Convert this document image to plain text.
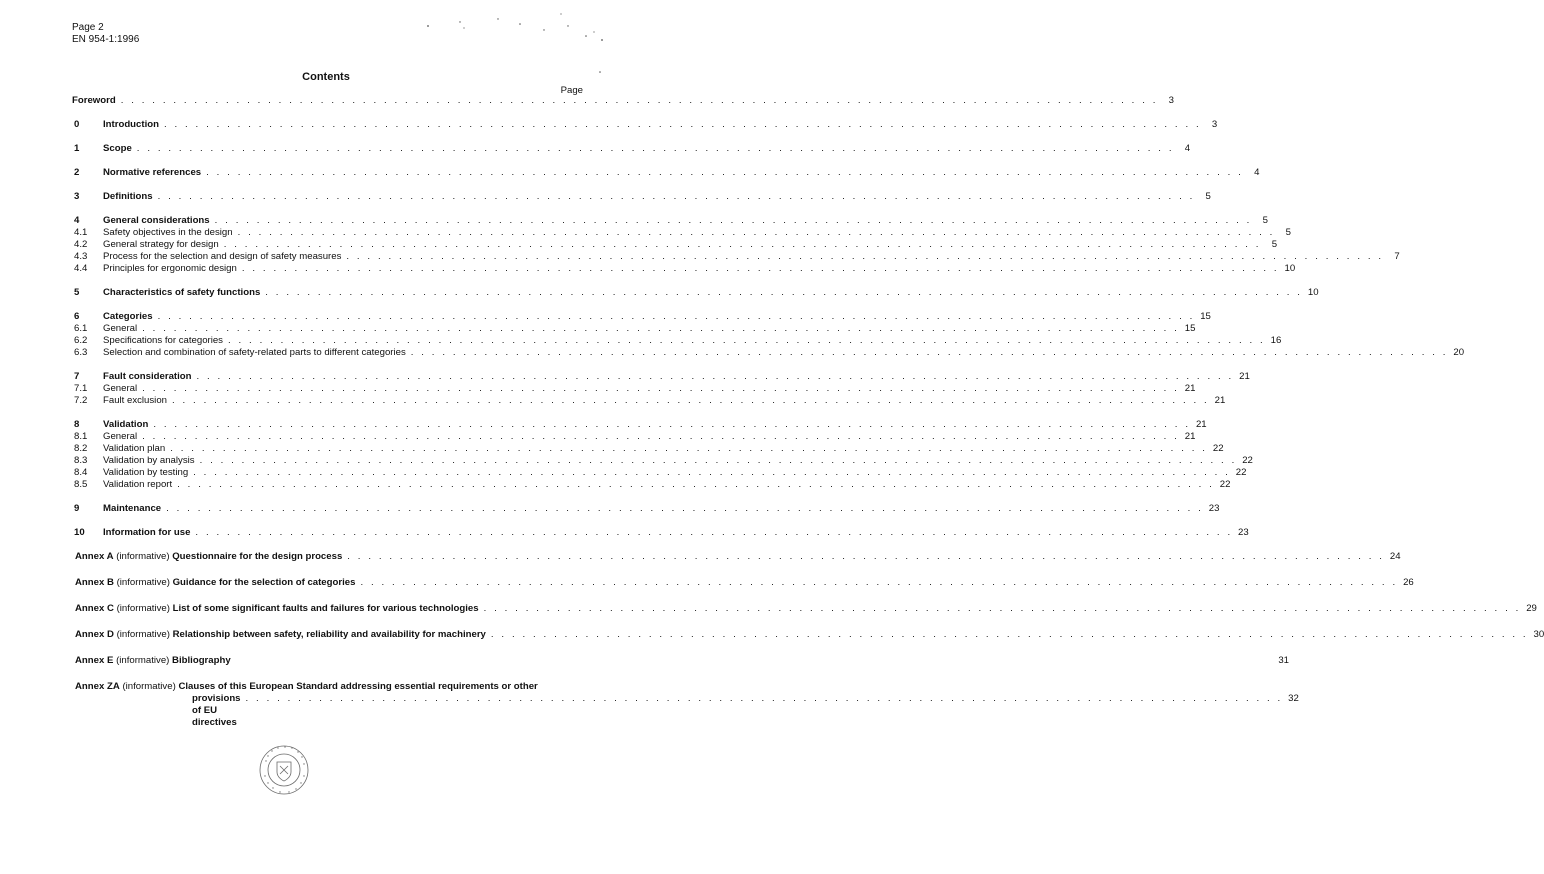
Page 2
EN 954-1:1996
Contents
Page
Foreword . . . . . . . . . . . . . . . . . . . . . . . . . . . . . . . . . . . . . . . . . . . . . . . . . . . . . . . . . . . . . . . . . . . . . . . . . . . . . . . . . . . . . . . . . . . . . . . . . . .	3
0 Introduction . . . . . . . . . . . . . . . . . . . . . . . . . . . . . . . . . . . . . . . . . . . . . . . . . . . . . . . . . . . . . . . . . . . . . . . . . . . . . . . . . . . . . . . . . . . . . . . . . . .	3
1 Scope . . . . . . . . . . . . . . . . . . . . . . . . . . . . . . . . . . . . . . . . . . . . . . . . . . . . . . . . . . . . . . . . . . . . . . . . . . . . . . . . . . . . . . . . . . . . . . . . . . .	4
2 Normative references . . . . . . . . . . . . . . . . . . . . . . . . . . . . . . . . . . . . . . . . . . . . . . . . . . . . . . . . . . . . . . . . . . . . . . . . . . . . . . . . . . . . . . . . . . . . . . . . . . .	4
3 Definitions . . . . . . . . . . . . . . . . . . . . . . . . . . . . . . . . . . . . . . . . . . . . . . . . . . . . . . . . . . . . . . . . . . . . . . . . . . . . . . . . . . . . . . . . . . . . . . . . . . .	5
4 General considerations . . . . . . . . . . . . . . . . . . . . . . . . . . . . . . . . . . . . . . . . . . . . . . . . . . . . . . . . . . . . . . . . . . . . . . . . . . . . . . . . . . . . . . . . . . . . . . . . . . .	5
4.1 Safety objectives in the design . . . . . . . . . . . . . . . . . . . . . . . . . . . . . . . . . . . . . . . . . . . . . . . . . . . . . . . . . . . . . . . . . . . . . . . . . . . . . . . . . . . . . . . . . . . . . . . . . . .	5
4.2 General strategy for design . . . . . . . . . . . . . . . . . . . . . . . . . . . . . . . . . . . . . . . . . . . . . . . . . . . . . . . . . . . . . . . . . . . . . . . . . . . . . . . . . . . . . . . . . . . . . . . . . . .	5
4.3 Process for the selection and design of safety measures . . . . . . . . . . . . . . . . . . . . . . . . . . . . . . . . . . . . . . . . . . . . . . . . . . . . . . . . . . . . . . . . . . . . . . . . . . . . . . . . . . . . . . . . . . . . . . . . . . .	7
4.4 Principles for ergonomic design . . . . . . . . . . . . . . . . . . . . . . . . . . . . . . . . . . . . . . . . . . . . . . . . . . . . . . . . . . . . . . . . . . . . . . . . . . . . . . . . . . . . . . . . . . . . . . . . . . . 10
5 Characteristics of safety functions . . . . . . . . . . . . . . . . . . . . . . . . . . . . . . . . . . . . . . . . . . . . . . . . . . . . . . . . . . . . . . . . . . . . . . . . . . . . . . . . . . . . . . . . . . . . . . . . . . . 10
6 Categories . . . . . . . . . . . . . . . . . . . . . . . . . . . . . . . . . . . . . . . . . . . . . . . . . . . . . . . . . . . . . . . . . . . . . . . . . . . . . . . . . . . . . . . . . . . . . . . . . . . 15
6.1 General . . . . . . . . . . . . . . . . . . . . . . . . . . . . . . . . . . . . . . . . . . . . . . . . . . . . . . . . . . . . . . . . . . . . . . . . . . . . . . . . . . . . . . . . . . . . . . . . . . . 15
6.2 Specifications for categories . . . . . . . . . . . . . . . . . . . . . . . . . . . . . . . . . . . . . . . . . . . . . . . . . . . . . . . . . . . . . . . . . . . . . . . . . . . . . . . . . . . . . . . . . . . . . . . . . . . 16
6.3 Selection and combination of safety-related parts to different categories . . . . . . . . . . . . . . . . . . . . . . . . . . . . . . . . . . . . . . . . . . . . . . . . . . . . . . . . . . . . . . . . . . . . . . . . . . . . . . . . . . . . . . . . . . . . . . . . . . . 20
7 Fault consideration . . . . . . . . . . . . . . . . . . . . . . . . . . . . . . . . . . . . . . . . . . . . . . . . . . . . . . . . . . . . . . . . . . . . . . . . . . . . . . . . . . . . . . . . . . . . . . . . . . . 21
7.1 General . . . . . . . . . . . . . . . . . . . . . . . . . . . . . . . . . . . . . . . . . . . . . . . . . . . . . . . . . . . . . . . . . . . . . . . . . . . . . . . . . . . . . . . . . . . . . . . . . . . 21
7.2 Fault exclusion . . . . . . . . . . . . . . . . . . . . . . . . . . . . . . . . . . . . . . . . . . . . . . . . . . . . . . . . . . . . . . . . . . . . . . . . . . . . . . . . . . . . . . . . . . . . . . . . . . . 21
8 Validation . . . . . . . . . . . . . . . . . . . . . . . . . . . . . . . . . . . . . . . . . . . . . . . . . . . . . . . . . . . . . . . . . . . . . . . . . . . . . . . . . . . . . . . . . . . . . . . . . . . 21
8.1 General . . . . . . . . . . . . . . . . . . . . . . . . . . . . . . . . . . . . . . . . . . . . . . . . . . . . . . . . . . . . . . . . . . . . . . . . . . . . . . . . . . . . . . . . . . . . . . . . . . . 21
8.2 Validation plan . . . . . . . . . . . . . . . . . . . . . . . . . . . . . . . . . . . . . . . . . . . . . . . . . . . . . . . . . . . . . . . . . . . . . . . . . . . . . . . . . . . . . . . . . . . . . . . . . . . 22
8.3 Validation by analysis . . . . . . . . . . . . . . . . . . . . . . . . . . . . . . . . . . . . . . . . . . . . . . . . . . . . . . . . . . . . . . . . . . . . . . . . . . . . . . . . . . . . . . . . . . . . . . . . . . . 22
8.4 Validation by testing . . . . . . . . . . . . . . . . . . . . . . . . . . . . . . . . . . . . . . . . . . . . . . . . . . . . . . . . . . . . . . . . . . . . . . . . . . . . . . . . . . . . . . . . . . . . . . . . . . . 22
8.5 Validation report . . . . . . . . . . . . . . . . . . . . . . . . . . . . . . . . . . . . . . . . . . . . . . . . . . . . . . . . . . . . . . . . . . . . . . . . . . . . . . . . . . . . . . . . . . . . . . . . . . . 22
9 Maintenance . . . . . . . . . . . . . . . . . . . . . . . . . . . . . . . . . . . . . . . . . . . . . . . . . . . . . . . . . . . . . . . . . . . . . . . . . . . . . . . . . . . . . . . . . . . . . . . . . . . 23
10 Information for use . . . . . . . . . . . . . . . . . . . . . . . . . . . . . . . . . . . . . . . . . . . . . . . . . . . . . . . . . . . . . . . . . . . . . . . . . . . . . . . . . . . . . . . . . . . . . . . . . . . 23
Annex A (informative) Questionnaire for the design process . . . . . . . . . . . . . . . . . . . . . . . . . . . . . . . . . . . . . . . . . . . . . . . . . . . . . . . . . . . . . . . . . . . . . . . . . . . . . . . . . . . . . . . . . . . . . . . . . . . 24
Annex B (informative) Guidance for the selection of categories . . . . . . . . . . . . . . . . . . . . . . . . . . . . . . . . . . . . . . . . . . . . . . . . . . . . . . . . . . . . . . . . . . . . . . . . . . . . . . . . . . . . . . . . . . . . . . . . . . . 26
Annex C (informative) List of some significant faults and failures for various technologies . . . . . . . . . . . . . . . . . . . . . . . . . . . . . . . . . . . . . . . . . . . . . . . . . . . . . . . . . . . . . . . . . . . . . . . . . . . . . . . . . . . . . . . . . . . . . . . . . . . 29
Annex D (informative) Relationship between safety, reliability and availability for machinery . . . . . . . . . . . . . . . . . . . . . . . . . . . . . . . . . . . . . . . . . . . . . . . . . . . . . . . . . . . . . . . . . . . . . . . . . . . . . . . . . . . . . . . . . . . . . . . . . . . 30
Annex E (informative) Bibliography	31
Annex ZA (informative) Clauses of this European Standard addressing essential requirements or other
provisions of EU directives
. . . . . . . . . . . . . . . . . . . . . . . . . . . . . . . . . . . . . . . . . . . . . . . . . . . . . . . . . . . . . . . . . . . . . . . . . . . . . . . . . . . . . . . . . . . . . . . . . . . 32
